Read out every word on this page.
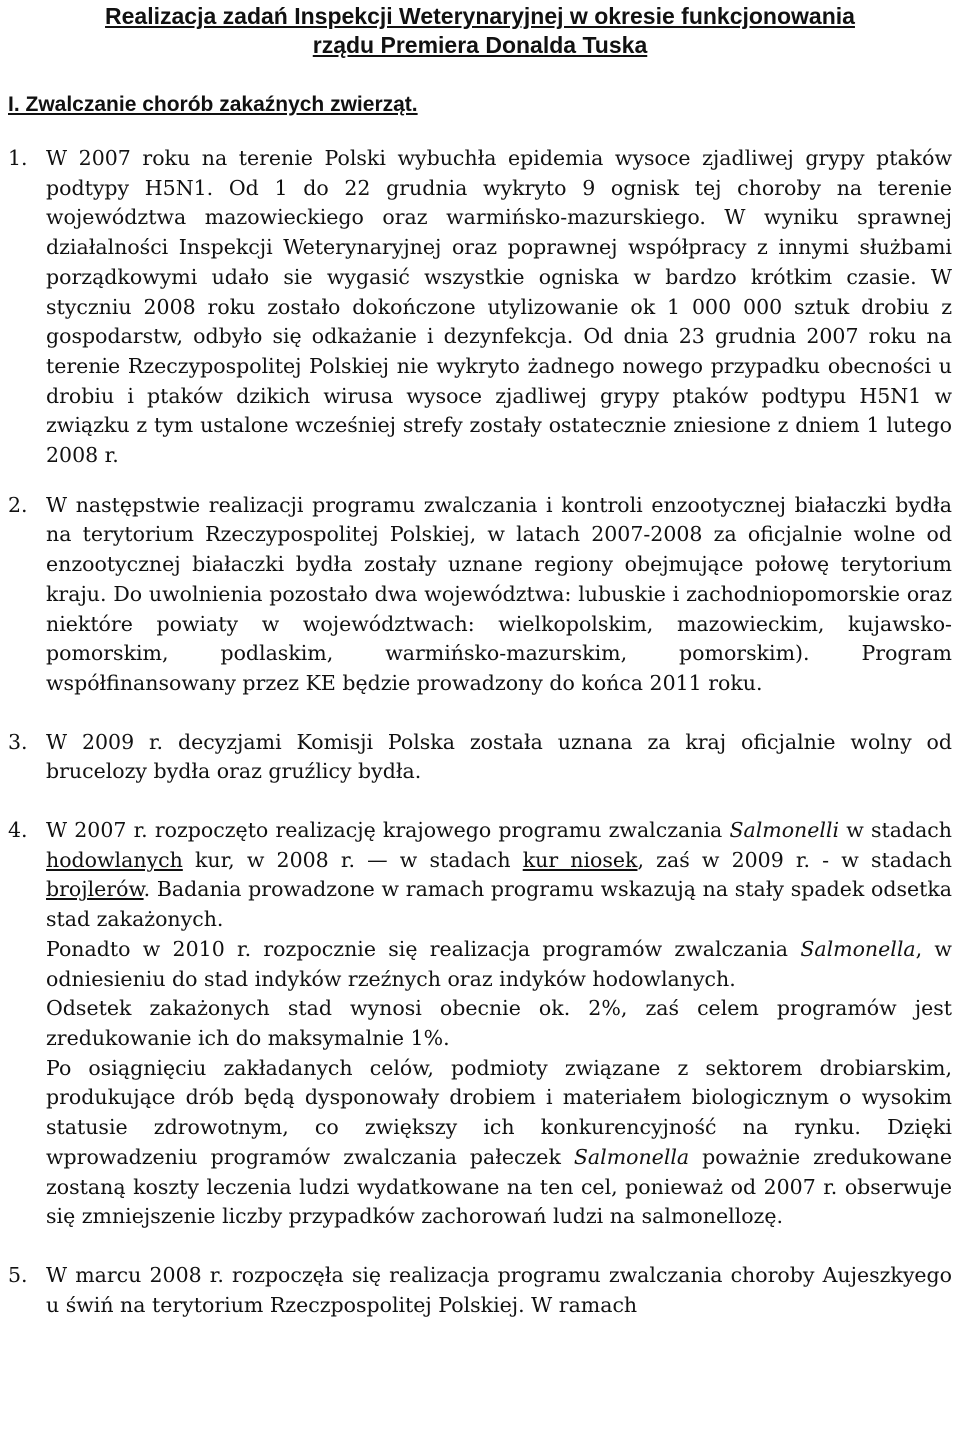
Realizacja zadań Inspekcji Weterynaryjnej w okresie funkcjonowania
rządu Premiera Donalda Tuska
I. Zwalczanie chorób zakaźnych zwierząt.
1. W 2007 roku na terenie Polski wybuchła epidemia wysoce zjadliwej grypy ptaków podtypy H5N1. Od 1 do 22 grudnia wykryto 9 ognisk tej choroby na terenie województwa mazowieckiego oraz warmińsko-mazurskiego. W wyniku sprawnej działalności Inspekcji Weterynaryjnej oraz poprawnej współpracy z innymi służbami porządkowymi udało sie wygasić wszystkie ogniska w bardzo krótkim czasie. W styczniu 2008 roku zostało dokończone utylizowanie ok 1 000 000 sztuk drobiu z gospodarstw, odbyło się odkażanie i dezynfekcja. Od dnia 23 grudnia 2007 roku na terenie Rzeczypospolitej Polskiej nie wykryto żadnego nowego przypadku obecności u drobiu i ptaków dzikich wirusa wysoce zjadliwej grypy ptaków podtypu H5N1 w związku z tym ustalone wcześniej strefy zostały ostatecznie zniesione z dniem 1 lutego 2008 r.

2. W następstwie realizacji programu zwalczania i kontroli enzootycznej białaczki bydła na terytorium Rzeczypospolitej Polskiej, w latach 2007-2008 za oficjalnie wolne od enzootycznej białaczki bydła zostały uznane regiony obejmujące połowę terytorium kraju. Do uwolnienia pozostało dwa województwa: lubuskie i zachodniopomorskie oraz niektóre powiaty w województwach: wielkopolskim, mazowieckim, kujawsko-pomorskim, podlaskim, warmińsko-mazurskim, pomorskim). Program współfinansowany przez KE będzie prowadzony do końca 2011 roku.

3. W 2009 r. decyzjami Komisji Polska została uznana za kraj oficjalnie wolny od brucelozy bydła oraz gruźlicy bydła.

4. W 2007 r. rozpoczęto realizację krajowego programu zwalczania Salmonelli w stadach hodowlanych kur, w 2008 r. — w stadach kur niosek, zaś w 2009 r. - w stadach brojlerów. Badania prowadzone w ramach programu wskazują na stały spadek odsetka stad zakażonych.

Ponadto w 2010 r. rozpocznie się realizacja programów zwalczania Salmonella, w odniesieniu do stad indyków rzeźnych oraz indyków hodowlanych.

Odsetek zakażonych stad wynosi obecnie ok. 2%, zaś celem programów jest zredukowanie ich do maksymalnie 1%.

Po osiągnięciu zakładanych celów, podmioty związane z sektorem drobiarskim, produkujące drób będą dysponowały drobiem i materiałem biologicznym o wysokim statusie zdrowotnym, co zwiększy ich konkurencyjność na rynku. Dzięki wprowadzeniu programów zwalczania pałeczek Salmonella poważnie zredukowane zostaną koszty leczenia ludzi wydatkowane na ten cel, ponieważ od 2007 r. obserwuje się zmniejszenie liczby przypadków zachorowań ludzi na salmonellozę.

5. W marcu 2008 r. rozpoczęła się realizacja programu zwalczania choroby Aujeszkyego u świń na terytorium Rzeczpospolitej Polskiej. W ramach
